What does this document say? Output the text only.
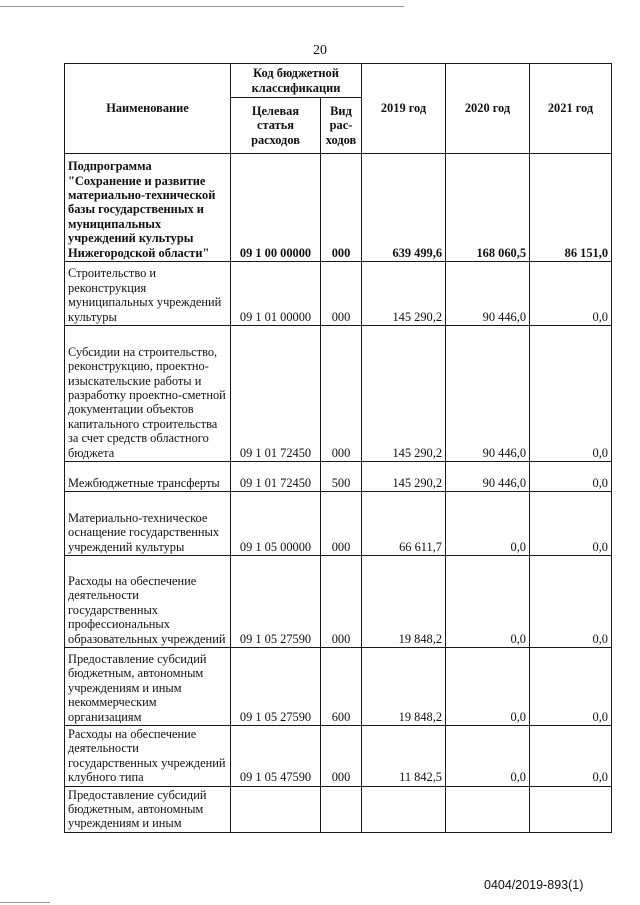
20
Наименование	Код бюджетной классификации		2019 год	2020 год	2021 год
	Целевая статья расходов	Вид рас-ходов			
Подпрограмма "Сохранение и развитие материально-технической базы государственных и муниципальных учреждений культуры Нижегородской области"	09 1 00 00000	000	639 499,6	168 060,5	86 151,0
Строительство и реконструкция муниципальных учреждений культуры	09 1 01 00000	000	145 290,2	90 446,0	0,0
Субсидии на строительство, реконструкцию, проектно-изыскательские работы и разработку проектно-сметной документации объектов капитального строительства за счет средств областного бюджета	09 1 01 72450	000	145 290,2	90 446,0	0,0
Межбюджетные трансферты	09 1 01 72450	500	145 290,2	90 446,0	0,0
Материально-техническое оснащение государственных учреждений культуры	09 1 05 00000	000	66 611,7	0,0	0,0
Расходы на обеспечение деятельности государственных профессиональных образовательных учреждений	09 1 05 27590	000	19 848,2	0,0	0,0
Предоставление субсидий бюджетным, автономным учреждениям и иным некоммерческим организациям	09 1 05 27590	600	19 848,2	0,0	0,0
Расходы на обеспечение деятельности государственных учреждений клубного типа	09 1 05 47590	000	11 842,5	0,0	0,0
Предоставление субсидий бюджетным, автономным учреждениям и иным					
0404/2019-893(1)
